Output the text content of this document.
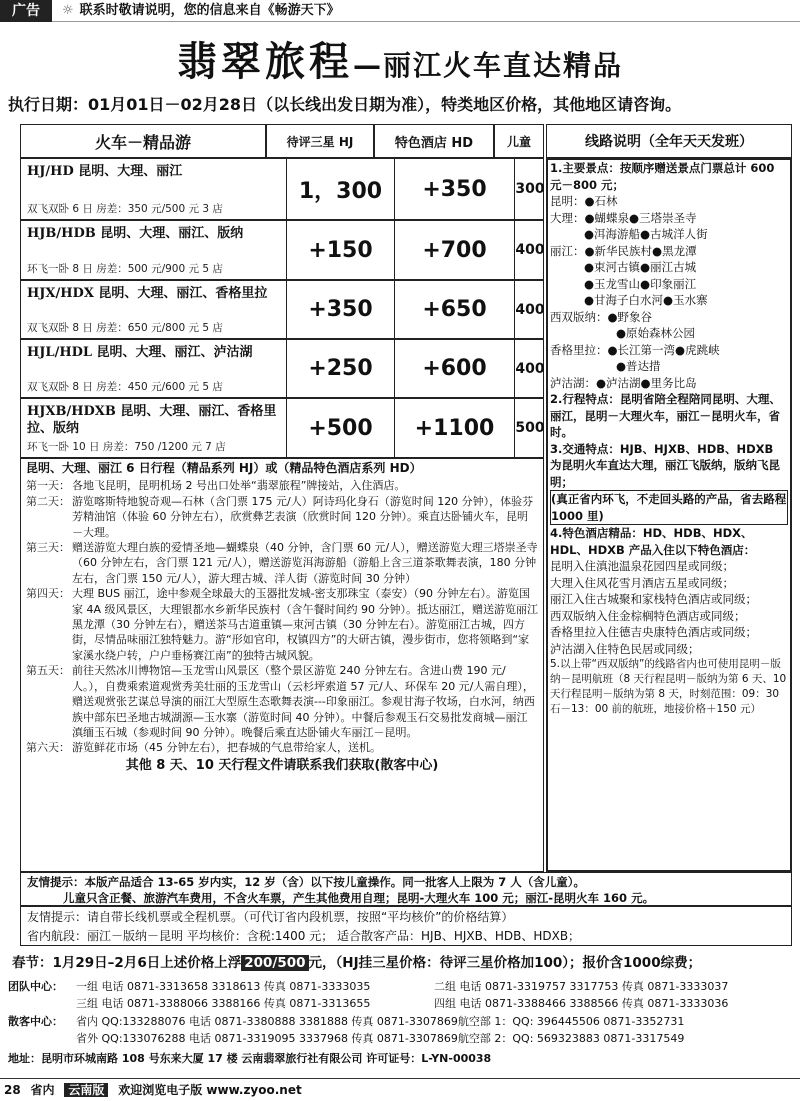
广告	☼ 联系时敬请说明，您的信息来自《畅游天下》
翡翠旅程—丽江火车直达精品
执行日期：01月01日－02月28日（以长线出发日期为准），特类地区价格，其他地区请咨询。
火车－精品游	待评三星 HJ	特色酒店 HD	儿童	线路说明（全年天天发班）
HJ/HD 昆明、大理、丽江
双飞双卧 6 日 房差：350 元/500 元 3 店
1，300	+350	300
HJB/HDB 昆明、大理、丽江、版纳
环飞一卧 8 日 房差：500 元/900 元 5 店
+150	+700	400
HJX/HDX 昆明、大理、丽江、香格里拉
双飞双卧 8 日 房差：650 元/800 元 5 店
+350	+650	400
HJL/HDL 昆明、大理、丽江、泸沽湖
双飞双卧 8 日 房差：450 元/600 元 5 店
+250	+600	400
HJXB/HDXB 昆明、大理、丽江、香格里拉、版纳
环飞一卧 10 日 房差：750 /1200 元 7 店
+500	+1100	500

1.主要景点：按顺序赠送景点门票总计 600 元－800 元；

昆明：●石林

大理：●蝴蝶泉●三塔崇圣寺

●洱海游船●古城洋人街

丽江：●新华民族村●黑龙潭

●束河古镇●丽江古城

●玉龙雪山●印象丽江

●甘海子白水河●玉水寨

西双版纳：●野象谷

●原始森林公园

香格里拉：●长江第一湾●虎跳峡

●普达措

泸沽湖：●泸沽湖●里务比岛

2.行程特点：昆明省陪全程陪同昆明、大理、丽江，昆明－大理火车，丽江－昆明火车，省时。

3.交通特点：HJB、HJXB、HDB、HDXB 为昆明火车直达大理，丽江飞版纳，版纳飞昆明；

(真正省内环飞，不走回头路的产品，省去路程 1000 里)

4.特色酒店精品：HD、HDB、HDX、HDL、HDXB 产品入住以下特色酒店：

昆明入住滇池温泉花园四星或同级；

大理入住风花雪月酒店五星或同级；

丽江入住古城聚和家栈特色酒店或同级；

西双版纳入住金棕榈特色酒店或同级；

香格里拉入住德吉央康特色酒店或同级；

泸沽湖入住特色民居或同级；

5.以上带“西双版纳”的线路省内也可使用昆明－版纳－昆明航班（8 天行程昆明－版纳为第 6 天、10 天行程昆明－版纳为第 8 天，时刻范围：09：30 石－13：00 前的航班，地接价格＋150 元）

昆明、大理、丽江 6 日行程（精品系列 HJ）或（精品特色酒店系列 HD）
第一天： 各地飞昆明，昆明机场 2 号出口处举“翡翠旅程”牌接站，入住酒店。
第二天： 游览喀斯特地貌奇观—石林（含门票 175 元/人）阿诗玛化身石（游览时间 120 分钟），体验芬芳精油馆（体验 60 分钟左右），欣赏彝艺表演（欣赏时间 120 分钟）。乘直达卧铺火车，昆明－大理。
第三天： 赠送游览大理白族的爱情圣地—蝴蝶泉（40 分钟，含门票 60 元/人），赠送游览大理三塔崇圣寺（60 分钟左右，含门票 121 元/人），赠送游览洱海游船（游船上含三道茶歌舞表演，180 分钟左右，含门票 150 元/人），游大理古城、洋人街（游览时间 30 分钟）
第四天： 大理 BUS 丽江，途中参观全球最大的玉器批发城-密支那珠宝（泰安）（90 分钟左右）。游览国家 4A 级风景区，大理银都水乡新华民族村（含午餐时间约 90 分钟）。抵达丽江，赠送游览丽江黑龙潭（30 分钟左右），赠送茶马古道重镇—束河古镇（30 分钟左右）。游览丽江古城，四方街，尽情品味丽江独特魅力。游“形如官印，权镇四方”的大研古镇，漫步街市，您将领略到“家家溪水绕户转，户户垂杨赛江南”的独特古城风貌。
第五天： 前往天然冰川博物馆—玉龙雪山风景区（整个景区游览 240 分钟左右。含进山费 190 元/人。），自费乘索道观赏秀美壮丽的玉龙雪山（云杉坪索道 57 元/人、环保车 20 元/人需自理），赠送观赏张艺谋总导演的丽江大型原生态歌舞表演---印象丽江。参观甘海子牧场，白水河，纳西族中部东巴圣地古城湖源—玉水寨（游览时间 40 分钟）。中餐后参观玉石交易批发商城—丽江滇缅玉石城（参观时间 90 分钟）。晚餐后乘直达卧铺火车丽江－昆明。
第六天： 游览鲜花市场（45 分钟左右），把春城的气息带给家人，送机。
其他 8 天、10 天行程文件请联系我们获取(散客中心)
友情提示：本版产品适合 13-65 岁内实，12 岁（含）以下按儿童操作。同一批客人上限为 7 人（含儿童）。
儿童只含正餐、旅游汽车费用，不含火车票，产生其他费用自理；昆明-大理火车 100 元；丽江-昆明火车 160 元。
友情提示：请自带长线机票或全程机票。（可代订省内段机票，按照“平均核价”的价格结算）
省内航段：丽江－版纳－昆明 平均核价：含税:1400 元； 适合散客产品：HJB、HJXB、HDB、HDXB；
春节：1月29日–2月6日上述价格上浮 200/500 元，（HJ挂三星价格：待评三星价格加100）；报价含1000综费；
团队中心：	一组 电话 0871-3313658 3318613 传真 0871-3333035	二组 电话 0871-3319757 3317753 传真 0871-3333037
三组 电话 0871-3388066 3388166 传真 0871-3313655	四组 电话 0871-3388466 3388566 传真 0871-3333036
散客中心：	省内 QQ:133288076 电话 0871-3380888 3381888 传真 0871-3307869 航空部 1：QQ: 396445506 0871-3352731
省外 QQ:133076288 电话 0871-3319095 3337968 传真 0871-3307869 航空部 2：QQ: 569323883 0871-3317549
地址：昆明市环城南路 108 号东来大厦 17 楼 云南翡翠旅行社有限公司 许可证号：L-YN-00038
28 省内 云南版 欢迎浏览电子版 www.zyoo.net
